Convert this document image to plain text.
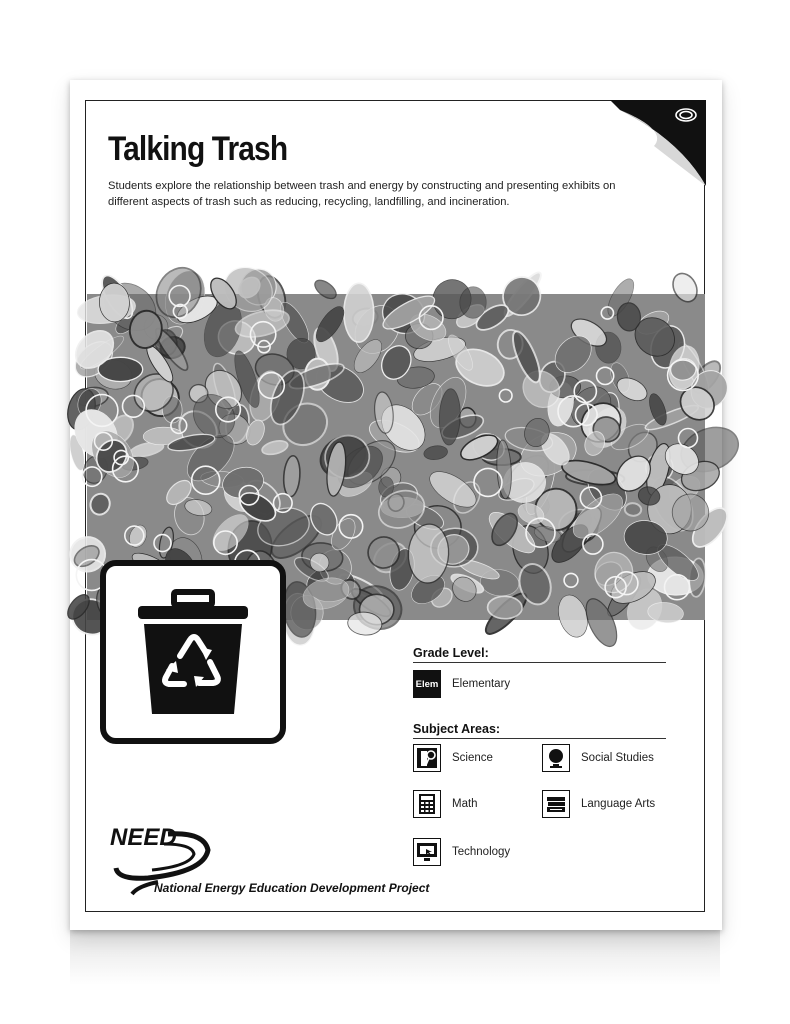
Talking Trash

Students explore the relationship between trash and energy by constructing and presenting exhibits on different aspects of trash such as reducing, recycling, landfilling, and incineration.

Grade Level:
Elem Elementary
Subject Areas:
Science	Social Studies
Math	Language Arts
Technology
NEED
National Energy Education Development Project
